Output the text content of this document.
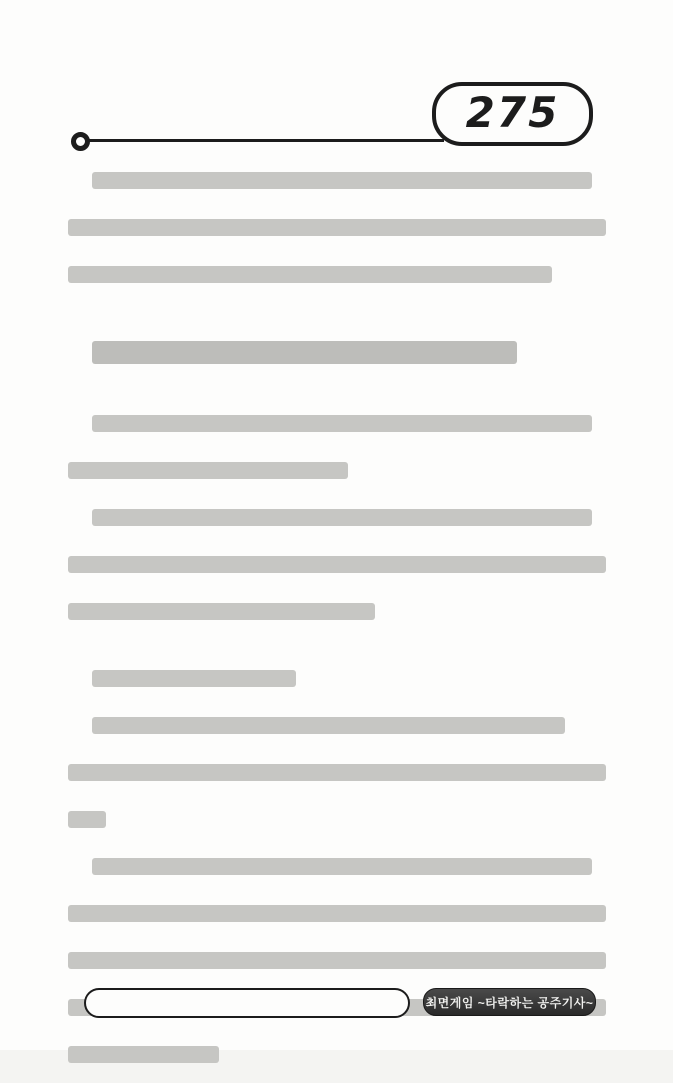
275
최면게임 ~타락하는 공주기사~
